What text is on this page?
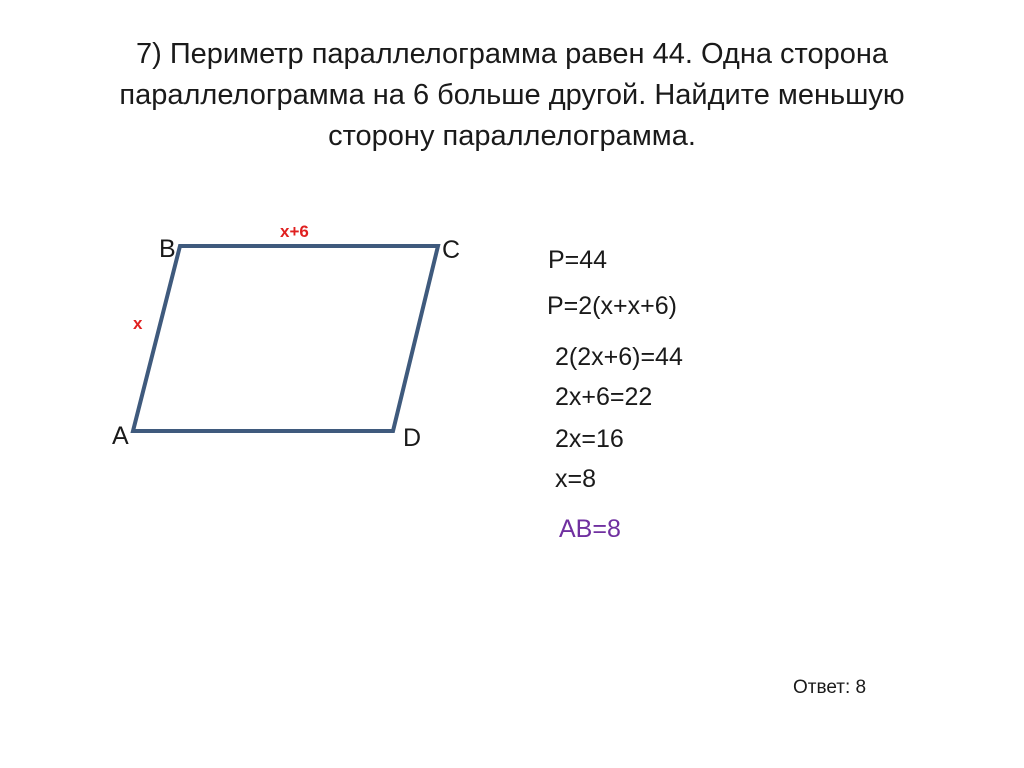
7) Периметр параллелограмма равен 44. Одна сторона
параллелограмма на 6 больше другой. Найдите меньшую
сторону параллелограмма.
B	C
A	D
x+6
x
P=44
P=2(x+x+6)
2(2x+6)=44
2x+6=22
2x=16
x=8
AB=8
Ответ: 8
